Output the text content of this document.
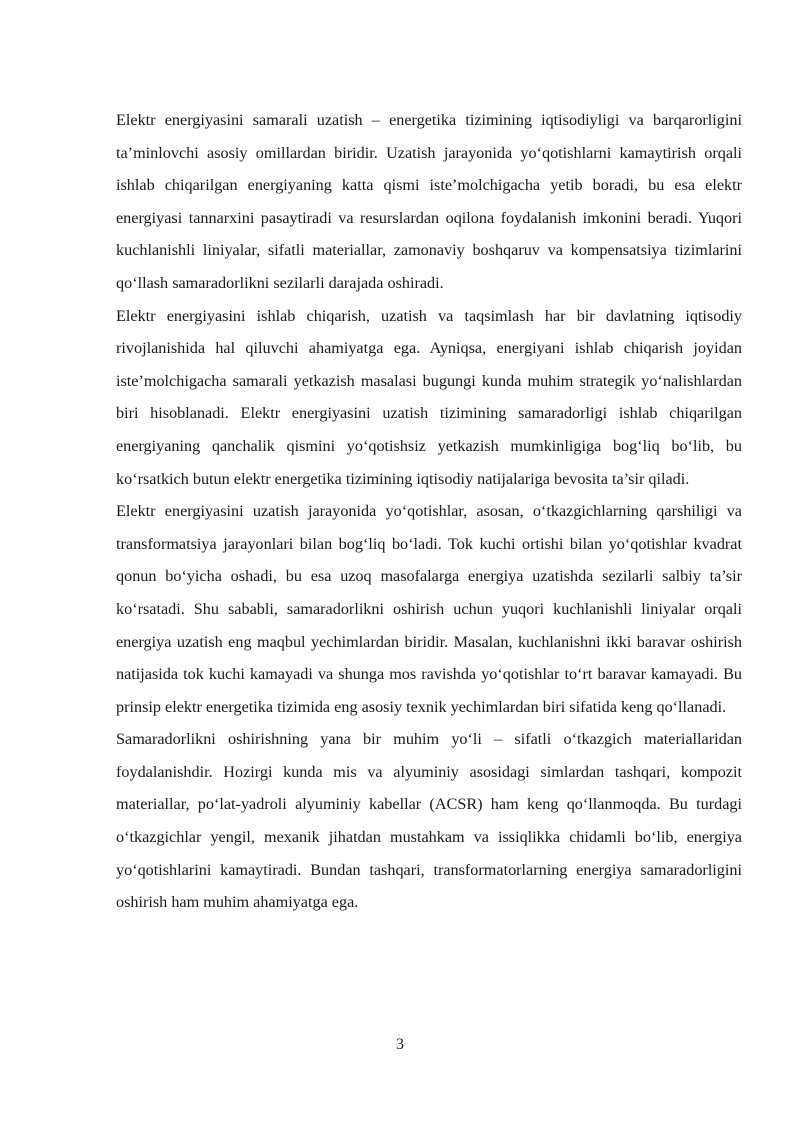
Elektr energiyasini samarali uzatish – energetika tizimining iqtisodiyligi va barqarorligini ta’minlovchi asosiy omillardan biridir. Uzatish jarayonida yo‘qotishlarni kamaytirish orqali ishlab chiqarilgan energiyaning katta qismi iste’molchigacha yetib boradi, bu esa elektr energiyasi tannarxini pasaytiradi va resurslardan oqilona foydalanish imkonini beradi. Yuqori kuchlanishli liniyalar, sifatli materiallar, zamonaviy boshqaruv va kompensatsiya tizimlarini qo‘llash samaradorlikni sezilarli darajada oshiradi.

Elektr energiyasini ishlab chiqarish, uzatish va taqsimlash har bir davlatning iqtisodiy rivojlanishida hal qiluvchi ahamiyatga ega. Ayniqsa, energiyani ishlab chiqarish joyidan iste’molchigacha samarali yetkazish masalasi bugungi kunda muhim strategik yo‘nalishlardan biri hisoblanadi. Elektr energiyasini uzatish tizimining samaradorligi ishlab chiqarilgan energiyaning qanchalik qismini yo‘qotishsiz yetkazish mumkinligiga bog‘liq bo‘lib, bu ko‘rsatkich butun elektr energetika tizimining iqtisodiy natijalariga bevosita ta’sir qiladi.

Elektr energiyasini uzatish jarayonida yo‘qotishlar, asosan, o‘tkazgichlarning qarshiligi va transformatsiya jarayonlari bilan bog‘liq bo‘ladi. Tok kuchi ortishi bilan yo‘qotishlar kvadrat qonun bo‘yicha oshadi, bu esa uzoq masofalarga energiya uzatishda sezilarli salbiy ta’sir ko‘rsatadi. Shu sababli, samaradorlikni oshirish uchun yuqori kuchlanishli liniyalar orqali energiya uzatish eng maqbul yechimlardan biridir. Masalan, kuchlanishni ikki baravar oshirish natijasida tok kuchi kamayadi va shunga mos ravishda yo‘qotishlar to‘rt baravar kamayadi. Bu prinsip elektr energetika tizimida eng asosiy texnik yechimlardan biri sifatida keng qo‘llanadi.

Samaradorlikni oshirishning yana bir muhim yo‘li – sifatli o‘tkazgich materiallaridan foydalanishdir. Hozirgi kunda mis va alyuminiy asosidagi simlardan tashqari, kompozit materiallar, po‘lat-yadroli alyuminiy kabellar (ACSR) ham keng qo‘llanmoqda. Bu turdagi o‘tkazgichlar yengil, mexanik jihatdan mustahkam va issiqlikka chidamli bo‘lib, energiya yo‘qotishlarini kamaytiradi. Bundan tashqari, transformatorlarning energiya samaradorligini oshirish ham muhim ahamiyatga ega.

3
